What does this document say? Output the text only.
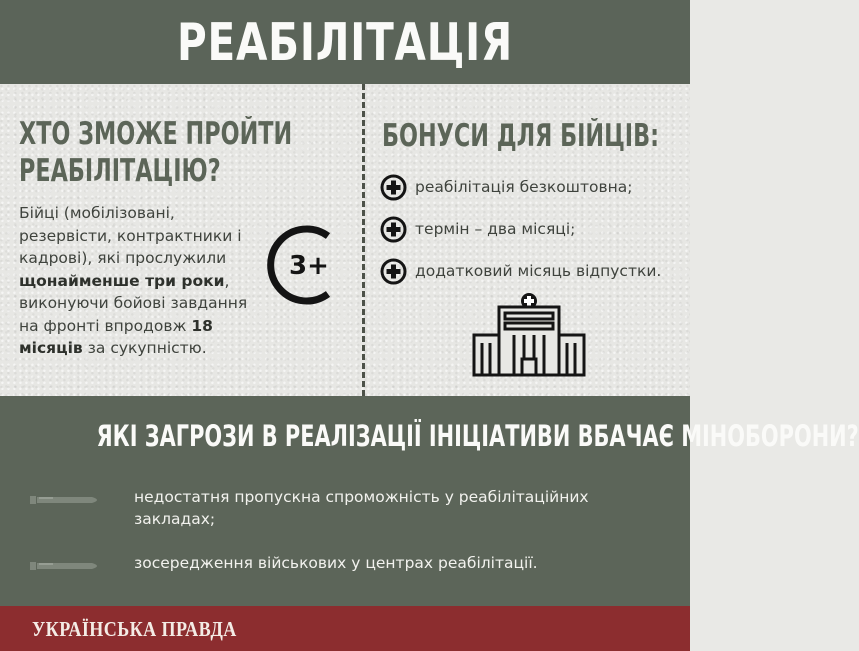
РЕАБІЛІТАЦІЯ
ХТО ЗМОЖЕ ПРОЙТИ
РЕАБІЛІТАЦІЮ?
Бійці (мобілізовані, резервісти, контрактники і кадрові), які прослужили щонайменше три роки, виконуючи бойові завдання на фронті впродовж 18 місяців за сукупністю.
3+
БОНУСИ ДЛЯ БІЙЦІВ:
реабілітація безкоштовна;
термін – два місяці;
додатковий місяць відпустки.
ЯКІ ЗАГРОЗИ В РЕАЛІЗАЦІЇ ІНІЦІАТИВИ ВБАЧАЄ МІНОБОРОНИ?
недостатня пропускна спроможність у реабілітаційних закладах;
зосередження військових у центрах реабілітації.
УКРАЇНСЬКА ПРАВДА
